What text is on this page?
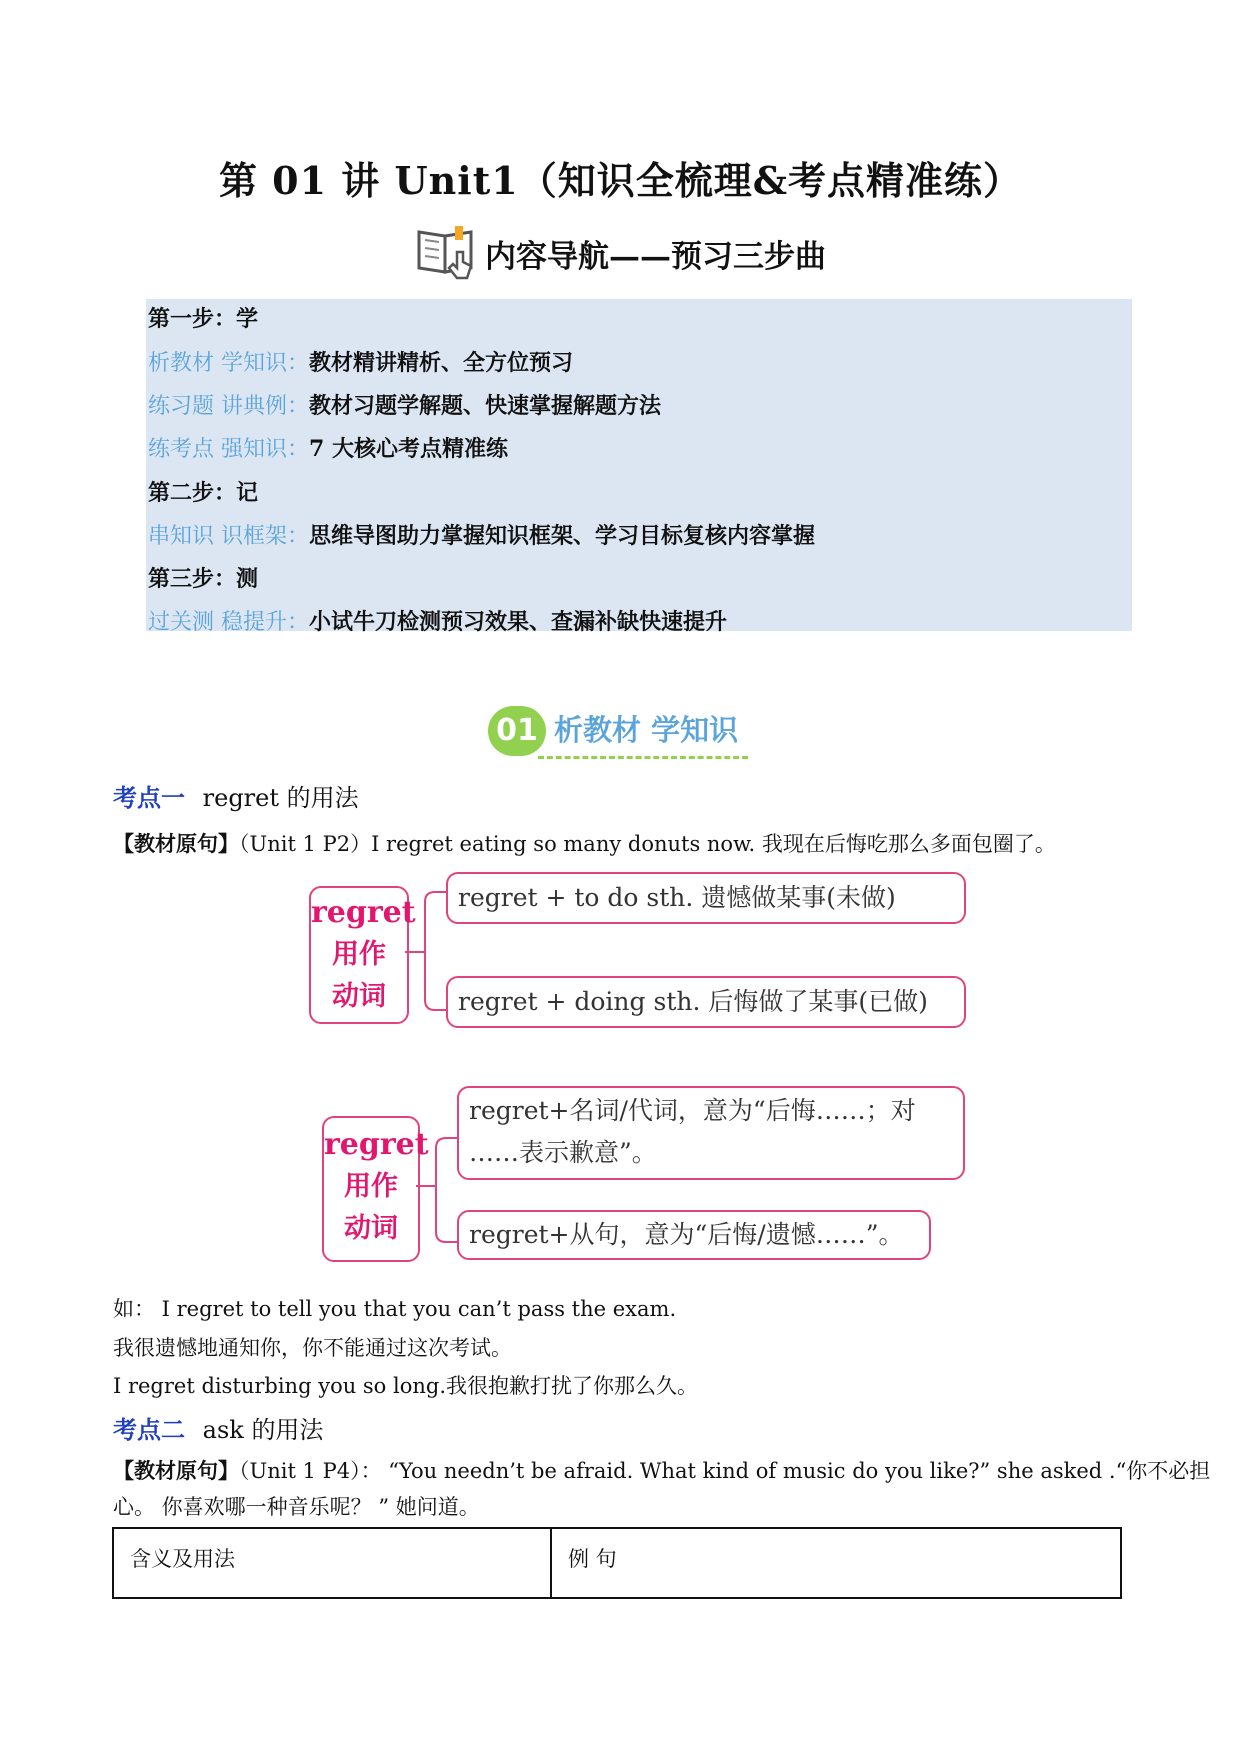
第 01 讲 Unit1（知识全梳理&考点精准练）
内容导航——预习三步曲
第一步：学
析教材 学知识：教材精讲精析、全方位预习
练习题 讲典例：教材习题学解题、快速掌握解题方法
练考点 强知识：7 大核心考点精准练
第二步：记
串知识 识框架：思维导图助力掌握知识框架、学习目标复核内容掌握
第三步：测
过关测 稳提升：小试牛刀检测预习效果、查漏补缺快速提升
01 析教材 学知识
考点一 regret 的用法
【教材原句】（Unit 1 P2）I regret eating so many donuts now. 我现在后悔吃那么多面包圈了。
regret
用作
动词
regret + to do sth. 遗憾做某事(未做)
regret + doing sth. 后悔做了某事(已做)
regret
用作
动词
regret+名词/代词，意为“后悔……；对
……表示歉意”。
regret+从句，意为“后悔/遗憾……”。
如： I regret to tell you that you can’t pass the exam.
我很遗憾地通知你，你不能通过这次考试。
I regret disturbing you so long.我很抱歉打扰了你那么久。
考点二 ask 的用法
【教材原句】（Unit 1 P4）： “You needn’t be afraid. What kind of music do you like?” she asked .“你不必担
心。 你喜欢哪一种音乐呢？ ” 她问道。
含义及用法	例 句
